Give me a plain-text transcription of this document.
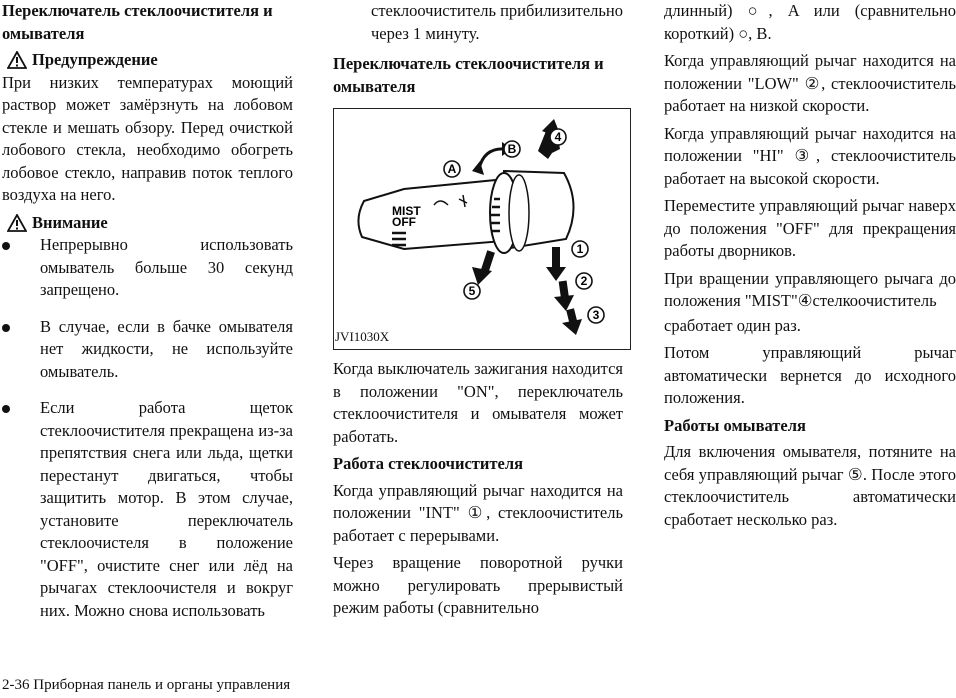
Переключатель стеклоочистителя и омывателя
Предупреждение

При низких температурах моющий раствор может замёрзнуть на лобовом стекле и мешать обзору. Перед очисткой лобового стекла, необходимо обогреть лобовое стекло, направив поток теплого воздуха на него.

Внимание
Непрерывно использовать омыватель больше 30 секунд запрещено.
В случае, если в бачке омывателя нет жидкости, не используйте омыватель.
Если работа щеток стеклоочистителя прекращена из-за препятствия снега или льда, щетки перестанут двигаться, чтобы защитить мотор. В этом случае, установите переключатель стеклоочистеля в положение "OFF", очистите снег или лёд на рычагах стеклоочистеля и вокруг них. Можно снова использовать

стеклоочиститель прибилизительно через 1 минуту.

Переключатель стеклоочистителя и омывателя
MIST
OFF
A
B
4
1
2
3
5
JVI1030X

Когда выключатель зажигания находится в положении "ON", переключатель стеклоочистителя и омывателя может работать.

Работа стеклоочистителя

Когда управляющий рычаг находится на положении "INT" ①, стеклоочиститель работает с перерывами.

Через вращение поворотной ручки можно регулировать прерывистый режим работы (сравнительно

длинный) ○, A или (сравнительно короткий) ○, B.

Когда управляющий рычаг находится на положении "LOW" ②, стеклоочиститель работает на низкой скорости.

Когда управляющий рычаг находится на положении "HI" ③, стеклоочиститель работает на высокой скорости.

Переместите управляющий рычаг наверх до положения "OFF" для прекращения работы дворников.

При вращении управляющего рычага до положения "MIST"④стелкоочиститель

сработает один раз.

Потом управляющий рычаг автоматически вернется до исходного положения.

Работы омывателя

Для включения омывателя, потяните на себя управляющий рычаг ⑤. После этого стеклоочиститель автоматически сработает несколько раз.

2-36 Приборная панель и органы управления
